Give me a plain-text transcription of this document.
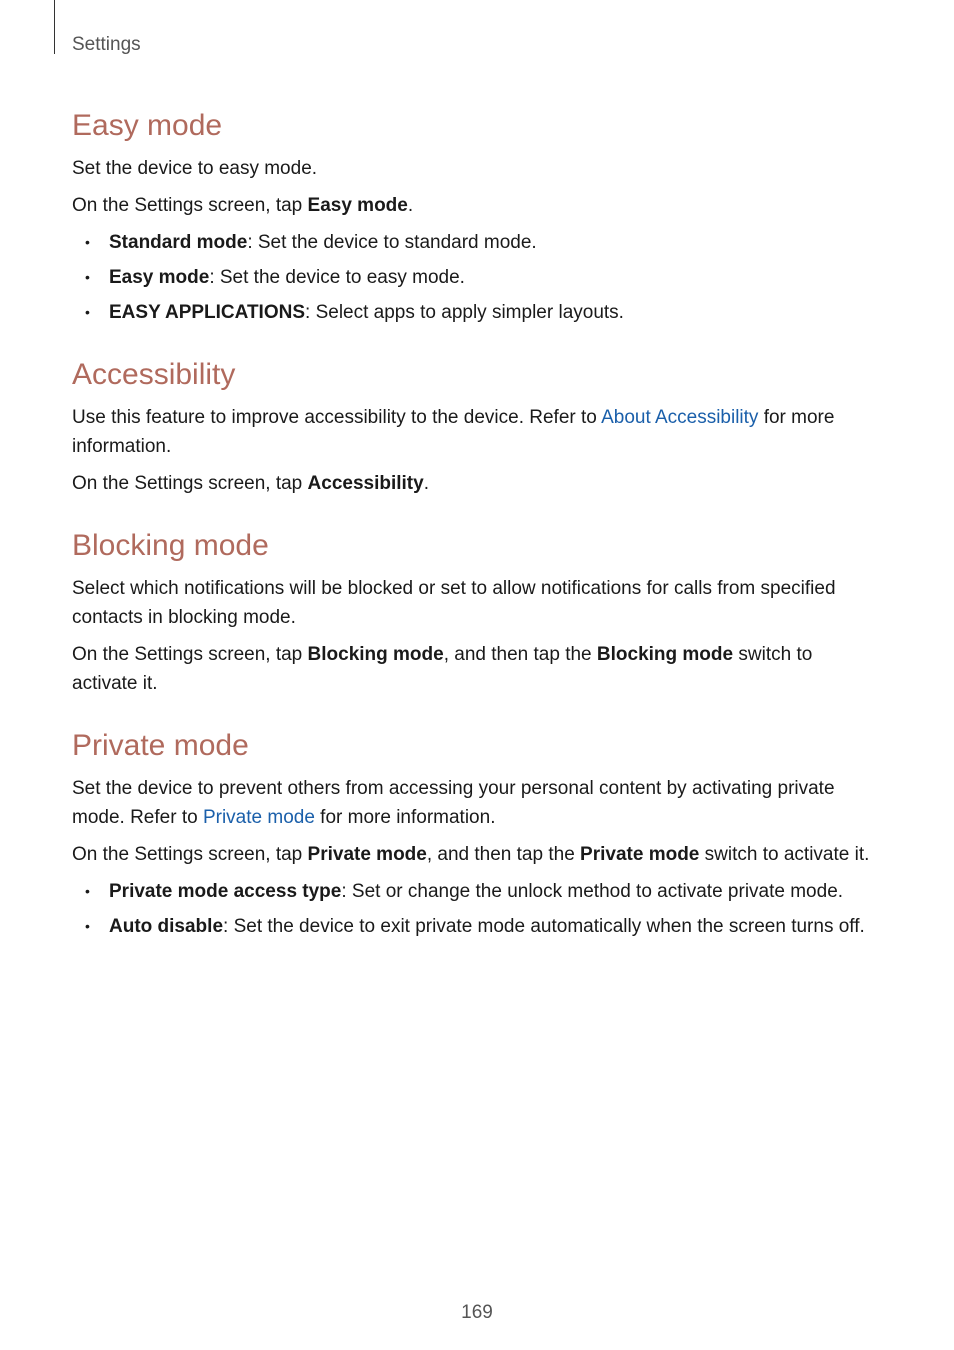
Settings
Easy mode

Set the device to easy mode.

On the Settings screen, tap Easy mode.

• Standard mode: Set the device to standard mode.
• Easy mode: Set the device to easy mode.
• EASY APPLICATIONS: Select apps to apply simpler layouts.
Accessibility

Use this feature to improve accessibility to the device. Refer to About Accessibility for more information.

On the Settings screen, tap Accessibility.

Blocking mode

Select which notifications will be blocked or set to allow notifications for calls from specified contacts in blocking mode.

On the Settings screen, tap Blocking mode, and then tap the Blocking mode switch to activate it.

Private mode

Set the device to prevent others from accessing your personal content by activating private mode. Refer to Private mode for more information.

On the Settings screen, tap Private mode, and then tap the Private mode switch to activate it.

• Private mode access type: Set or change the unlock method to activate private mode.
• Auto disable: Set the device to exit private mode automatically when the screen turns off.
169
